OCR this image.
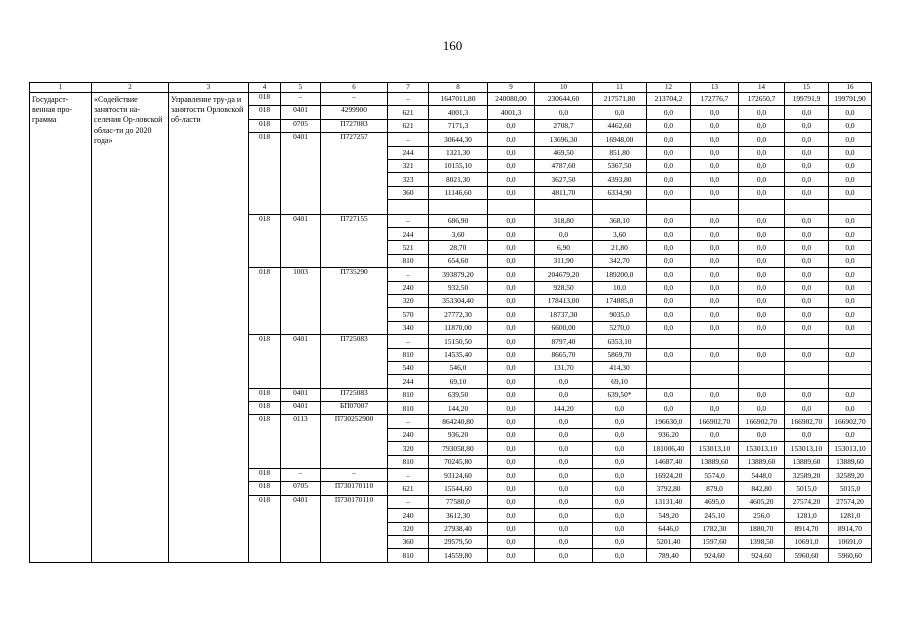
160
1	2	3	4	5	6	7	8	9	10	11	12	13	14	15	16
Государст-венная про-грамма	«Содействие занятости на-селения Ор-ловской облас-ти до 2020 года»	Управление тру-да и занятости Орловской об-ласти	018	–	–	–	1647011,80	240080,00	230644,60	217571,80	213704,2	172776,7	172650,7	199791,9	199791,90
			018	0401	4299900	621	4001,3	4001,3	0,0	0,0	0,0	0,0	0,0	0,0	0,0
			018	0705	П727083	621	7171,3	0,0	2708,7	4462,60	0,0	0,0	0,0	0,0	0,0
			018	0401	П727257	–	30644,30	0,0	13696,30	16948,00	0,0	0,0	0,0	0,0	0,0
						244	1321,30	0,0	469,50	851,80	0,0	0,0	0,0	0,0	0,0
						321	10155,10	0,0	4787,60	5367,50	0,0	0,0	0,0	0,0	0,0
						323	8021,30	0,0	3627,50	4393,80	0,0	0,0	0,0	0,0	0,0
						360	11146,60	0,0	4811,70	6334,90	0,0	0,0	0,0	0,0	0,0

			018	0401	П727155	–	686,90	0,0	318,80	368,10	0,0	0,0	0,0	0,0	0,0
						244	3,60	0,0	0,0	3,60	0,0	0,0	0,0	0,0	0,0
						521	28,70	0,0	6,90	21,80	0,0	0,0	0,0	0,0	0,0
						810	654,60	0,0	311,90	342,70	0,0	0,0	0,0	0,0	0,0
			018	1003	П735290	–	393879,20	0,0	204679,20	189200,0	0,0	0,0	0,0	0,0	0,0
						240	932,50	0,0	928,50	10,0	0,0	0,0	0,0	0,0	0,0
						320	353304,40	0,0	178413,00	174885,0	0,0	0,0	0,0	0,0	0,0
						570	27772,30	0,0	18737,30	9035,0	0,0	0,0	0,0	0,0	0,0
						340	11870,00	0,0	6600,00	5270,0	0,0	0,0	0,0	0,0	0,0
			018	0401	П725083	–	15150,50	0,0	8797,40	6353,10					
						810	14535,40	0,0	8665,70	5869,70	0,0	0,0	0,0	0,0	0,0
						540	546,0	0,0	131,70	414,30					
						244	69,10	0,0	0,0	69,10					
			018	0401	П725083	810	639,50	0,0	0,0	639,50*	0,0	0,0	0,0	0,0	0,0
			018	0401	БП07007	810	144,20	0,0	144,20	0,0	0,0	0,0	0,0	0,0	0,0
			018	0113	П730252900	–	864240,80	0,0	0,0	0,0	196630,0	166902,70	166902,70	166902,70	166902,70
						240	936,20	0,0	0,0	0,0	936,20	0,0	0,0	0,0	0,0
						320	793058,80	0,0	0,0	0,0	181006,40	153013,10	153013,10	153013,10	153013,10
						810	70245,80	0,0	0,0	0,0	14687,40	13889,60	13889,60	13889,60	13889,60
			018	–	–	–	93124,60	0,0	0,0	0,0	16924,20	5574,0	5448,0	32589,20	32589,20
			018	0705	П730170110	621	15544,60	0,0	0,0	0,0	3792,80	879,0	842,80	5015,0	5015,0
			018	0401	П730170110	–	77580,0	0,0	0,0	0,0	13131,40	4695,0	4605,20	27574,20	27574,20
						240	3612,30	0,0	0,0	0,0	549,20	245,10	256,0	1281,0	1281,0
						320	27938,40	0,0	0,0	0,0	6446,0	1782,30	1880,70	8914,70	8914,70
						360	29579,50	0,0	0,0	0,0	5201,40	1597,60	1398,50	10691,0	10691,0
						810	14559,80	0,0	0,0	0,0	789,40	924,60	924,60	5960,60	5960,60
